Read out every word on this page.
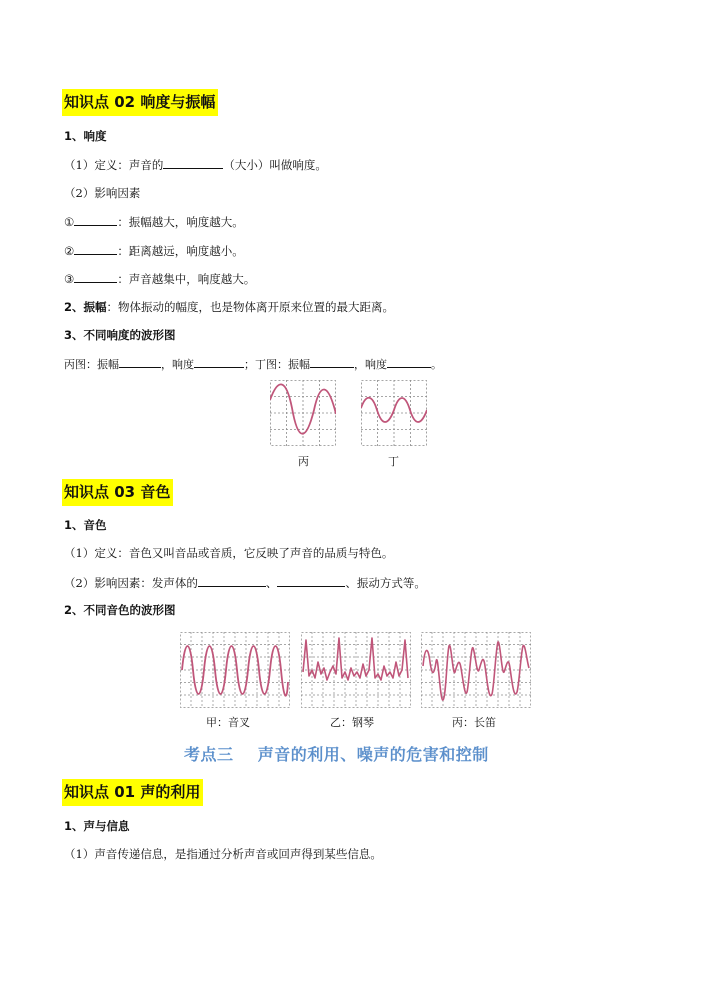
知识点 02 响度与振幅
1、响度
（1）定义：声音的	（大小）叫做响度。
（2）影响因素
①	：振幅越大，响度越大。
②	：距离越远，响度越小。
③	：声音越集中，响度越大。
2、振幅：物体振动的幅度，也是物体离开原来位置的最大距离。
3、不同响度的波形图
丙图：振幅	，响度	；丁图：振幅	，响度	。
丙	丁
知识点 03 音色
1、音色
（1）定义：音色又叫音品或音质，它反映了声音的品质与特色。
（2）影响因素：发声体的	、	、振动方式等。
2、不同音色的波形图
甲：音叉	乙：钢琴	丙：长笛
考点三    声音的利用、噪声的危害和控制
知识点 01 声的利用
1、声与信息
（1）声音传递信息，是指通过分析声音或回声得到某些信息。
